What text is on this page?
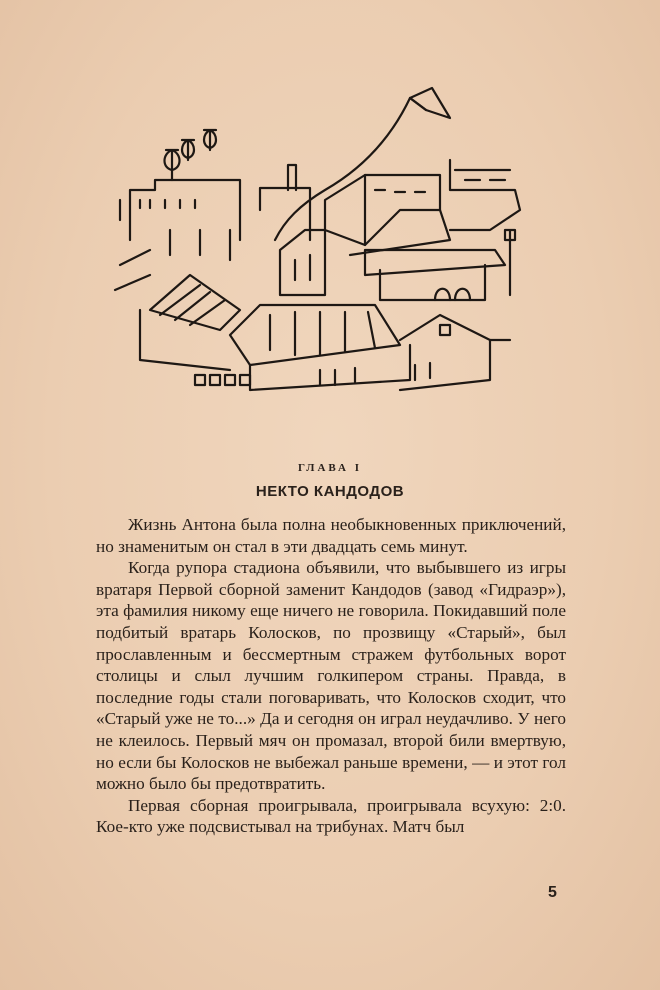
ГЛАВА I
НЕКТО КАНДОДОВ

Жизнь Антона была полна необыкновенных приключений, но знаменитым он стал в эти двадцать семь минут.

Когда рупора стадиона объявили, что выбывшего из игры вратаря Первой сборной заменит Кандодов (завод «Гидраэр»), эта фамилия никому еще ничего не говорила. Покидавший поле подбитый вратарь Колосков, по прозвищу «Старый», был прославленным и бессмертным стражем футбольных ворот столицы и слыл лучшим голкипером страны. Правда, в последние годы стали поговаривать, что Колосков сходит, что «Старый уже не то...» Да и сегодня он играл неудачливо. У него не клеилось. Первый мяч он промазал, второй били вмертвую, но если бы Колосков не выбежал раньше времени, — и этот гол можно было бы предотвратить.

Первая сборная проигрывала, проигрывала всухую: 2:0. Кое-кто уже подсвистывал на трибунах. Матч был

5
